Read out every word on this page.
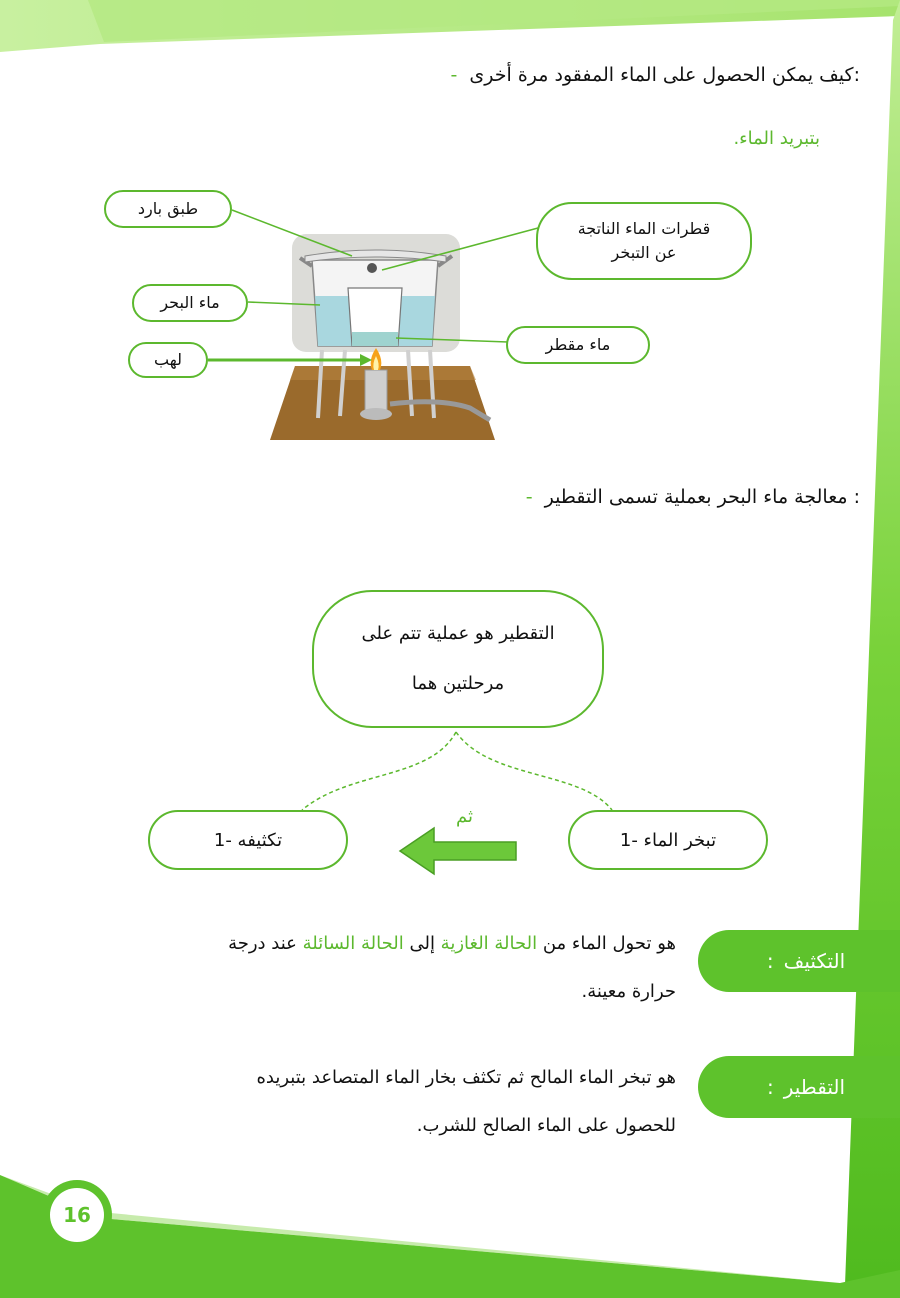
:كيف يمكن الحصول على الماء المفقود مرة أخرى -
بتبريد الماء.
طبق بارد
ماء البحر
لهب
قطرات الماء الناتجة
عن التبخر
ماء مقطر
: معالجة ماء البحر بعملية تسمى التقطير -
التقطير هو عملية تتم على
مرحلتين هما
تبخر الماء -1
تكثيفه -1
ثم
التكثيف
:
هو تحول الماء من الحالة الغازية إلى الحالة السائلة عند درجة
حرارة معينة.
التقطير
:
هو تبخر الماء المالح ثم تكثف بخار الماء المتصاعد بتبريده
للحصول على الماء الصالح للشرب.
16
